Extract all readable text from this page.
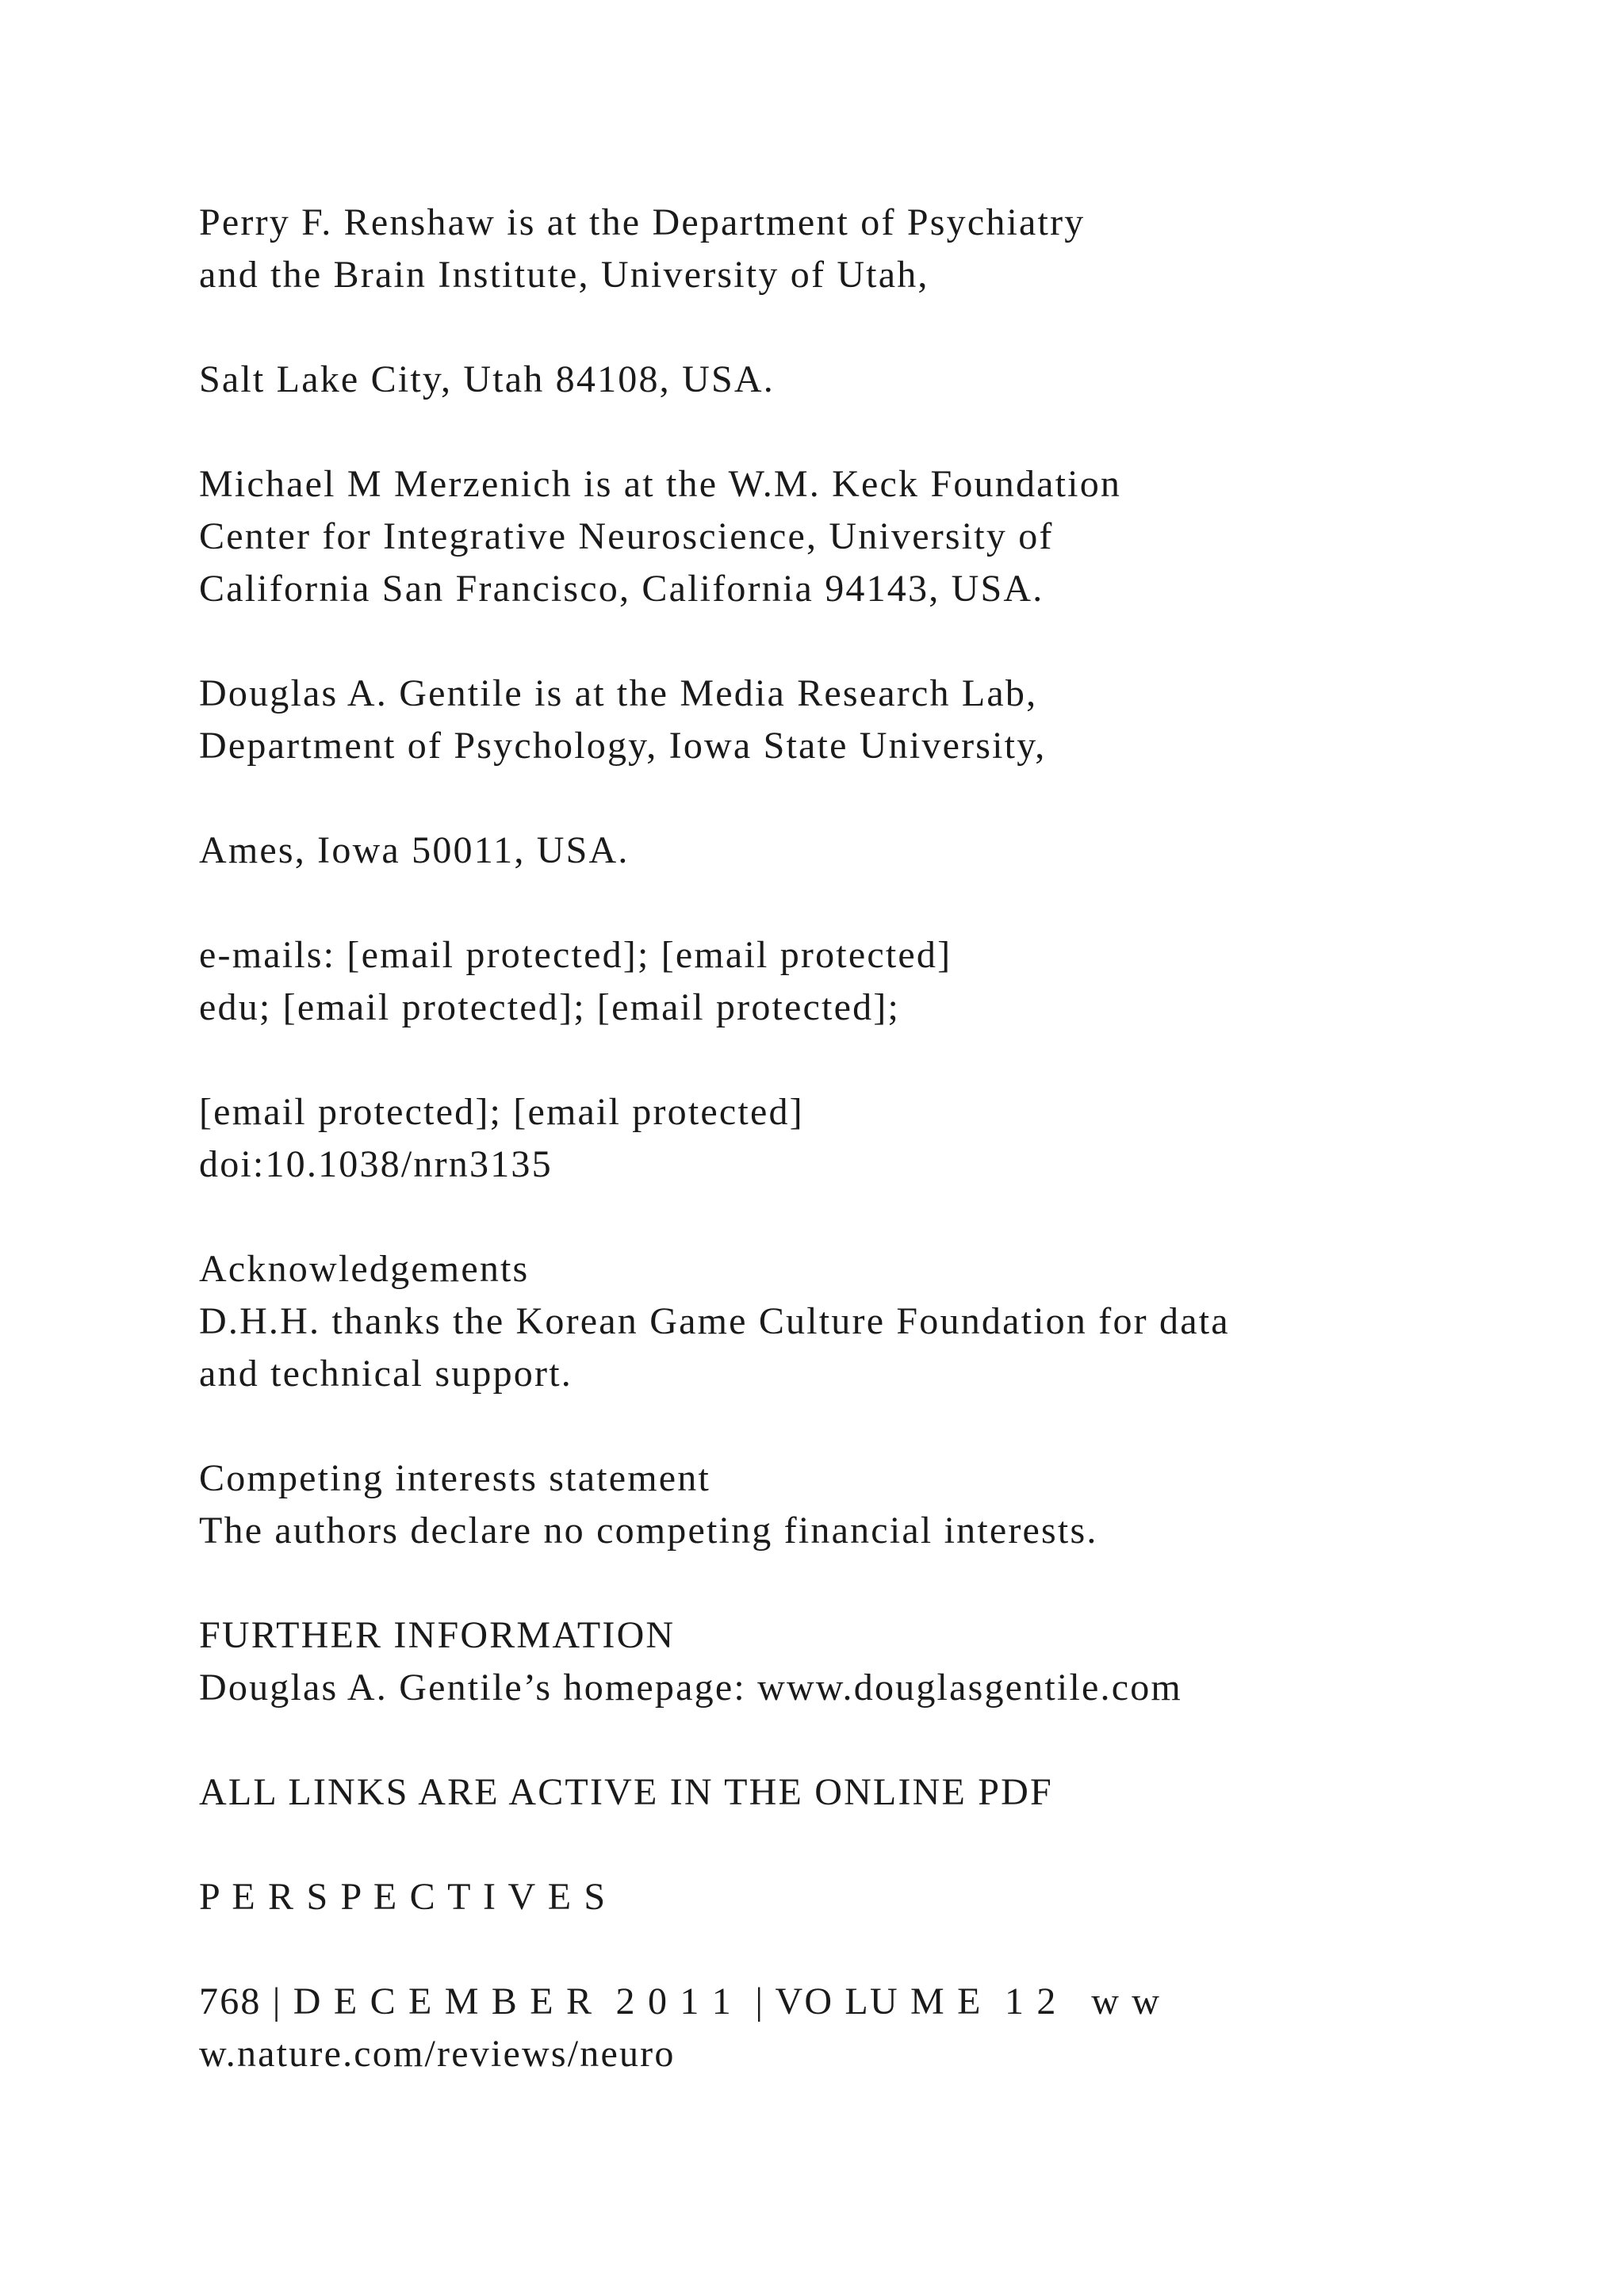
Perry F. Renshaw is at the Department of Psychiatry

and the Brain Institute, University of Utah,

Salt Lake City, Utah 84108, USA.

Michael M Merzenich is at the W.M. Keck Foundation

Center for Integrative Neuroscience, University of

California San Francisco, California 94143, USA.

Douglas A. Gentile is at the Media Research Lab,

Department of Psychology, Iowa State University,

Ames, Iowa 50011, USA.

e-mails: [email protected]; [email protected]

edu; [email protected]; [email protected];

[email protected]; [email protected]

doi:10.1038/nrn3135

Acknowledgements

D.H.H. thanks the Korean Game Culture Foundation for data

and technical support.

Competing interests statement

The authors declare no competing financial interests.

FURTHER INFORMATION

Douglas A. Gentile’s homepage: www.douglasgentile.com

ALL LINKS ARE ACTIVE IN THE ONLINE PDF

P E R S P E C T I V E S

768 | D E C E M B E R  2 0 1 1  | VO LU M E  1 2   w w

w.nature.com/reviews/neuro
